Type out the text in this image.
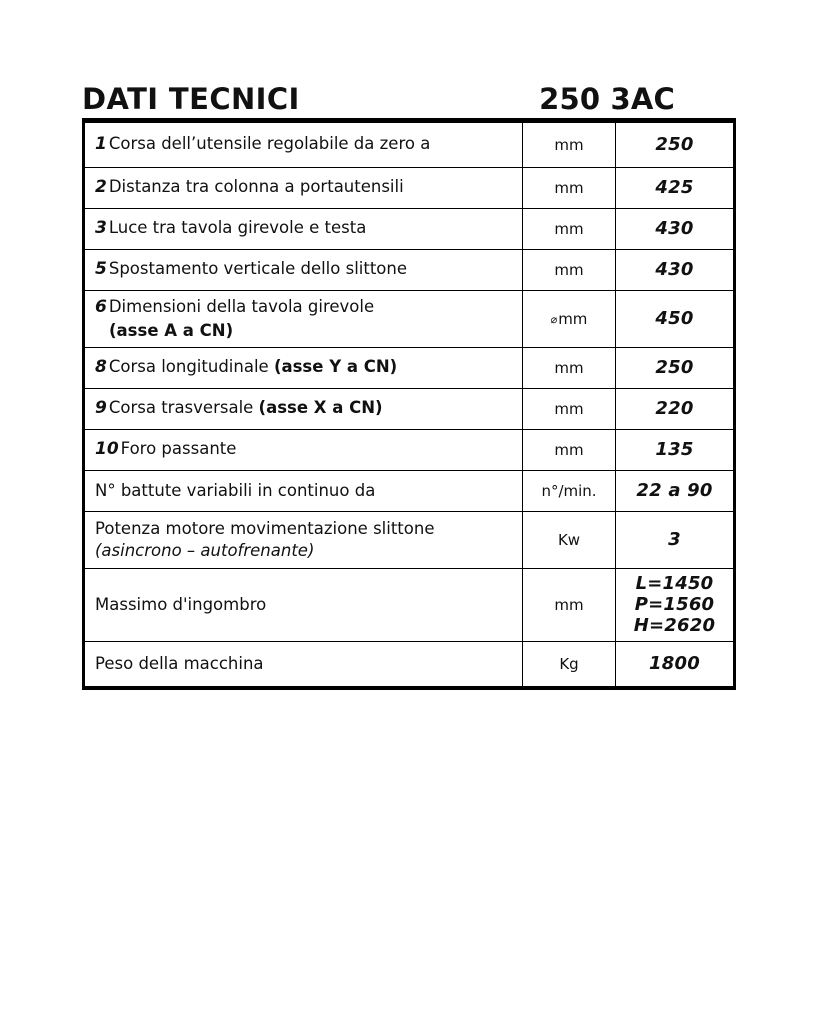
DATI TECNICI	250 3AC
1 Corsa dell’utensile regolabile da zero a	mm	250

2 Distanza tra colonna a portautensili	mm	425

3 Luce tra tavola girevole e testa	mm	430

5 Spostamento verticale dello slittone	mm	430

6 Dimensioni della tavola girevole
(asse A a CN)	⌀mm	450

8 Corsa longitudinale (asse Y a CN)	mm	250

9 Corsa trasversale (asse X a CN)	mm	220

10 Foro passante	mm	135

N° battute variabili in continuo da	n°/min.	22 a 90

Potenza motore movimentazione slittone
(asincrono – autofrenante)	Kw	3

Massimo d'ingombro	mm	L=1450
P=1560
H=2620

Peso della macchina	Kg	1800
